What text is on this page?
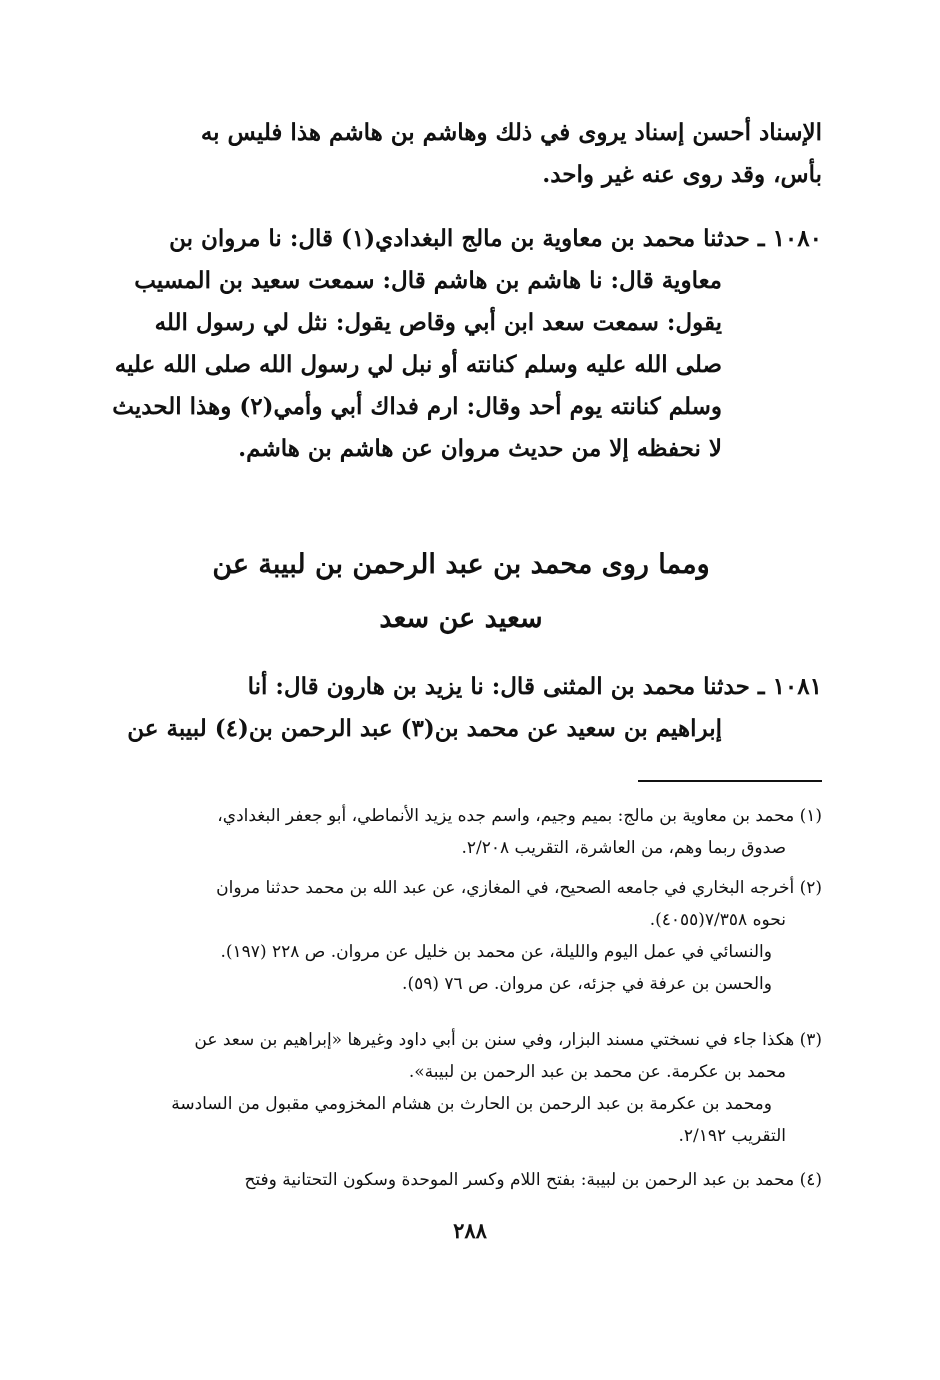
الإسناد أحسن إسناد يروى في ذلك وهاشم بن هاشم هذا فليس به
بأس، وقد روى عنه غير واحد.
١٠٨٠ ـ حدثنا محمد بن معاوية بن مالج البغدادي(١) قال: نا مروان بن
معاوية قال: نا هاشم بن هاشم قال: سمعت سعيد بن المسيب
يقول: سمعت سعد ابن أبي وقاص يقول: نثل لي رسول الله
صلى الله عليه وسلم كنانته أو نبل لي رسول الله صلى الله عليه
وسلم كنانته يوم أحد وقال: ارم فداك أبي وأمي(٢) وهذا الحديث
لا نحفظه إلا من حديث مروان عن هاشم بن هاشم.
ومما روى محمد بن عبد الرحمن بن لبيبة عن
سعيد عن سعد
١٠٨١ ـ حدثنا محمد بن المثنى قال: نا يزيد بن هارون قال: أنا
إبراهيم بن سعيد عن محمد بن(٣) عبد الرحمن بن(٤) لبيبة عن
(١) محمد بن معاوية بن مالج: بميم وجيم، واسم جده يزيد الأنماطي، أبو جعفر البغدادي،
صدوق ربما وهم، من العاشرة، التقريب ٢/٢٠٨.
(٢) أخرجه البخاري في جامعه الصحيح، في المغازي، عن عبد الله بن محمد حدثنا مروان
نحوه ٧/٣٥٨(٤٠٥٥).
والنسائي في عمل اليوم والليلة، عن محمد بن خليل عن مروان. ص ٢٢٨ (١٩٧).
والحسن بن عرفة في جزئه، عن مروان. ص ٧٦ (٥٩).
(٣) هكذا جاء في نسختي مسند البزار، وفي سنن بن أبي داود وغيرها «إبراهيم بن سعد عن
محمد بن عكرمة. عن محمد بن عبد الرحمن بن لبيبة».
ومحمد بن عكرمة بن عبد الرحمن بن الحارث بن هشام المخزومي مقبول من السادسة
التقريب ٢/١٩٢.
(٤) محمد بن عبد الرحمن بن لبيبة: بفتح اللام وكسر الموحدة وسكون التحتانية وفتح
٢٨٨
